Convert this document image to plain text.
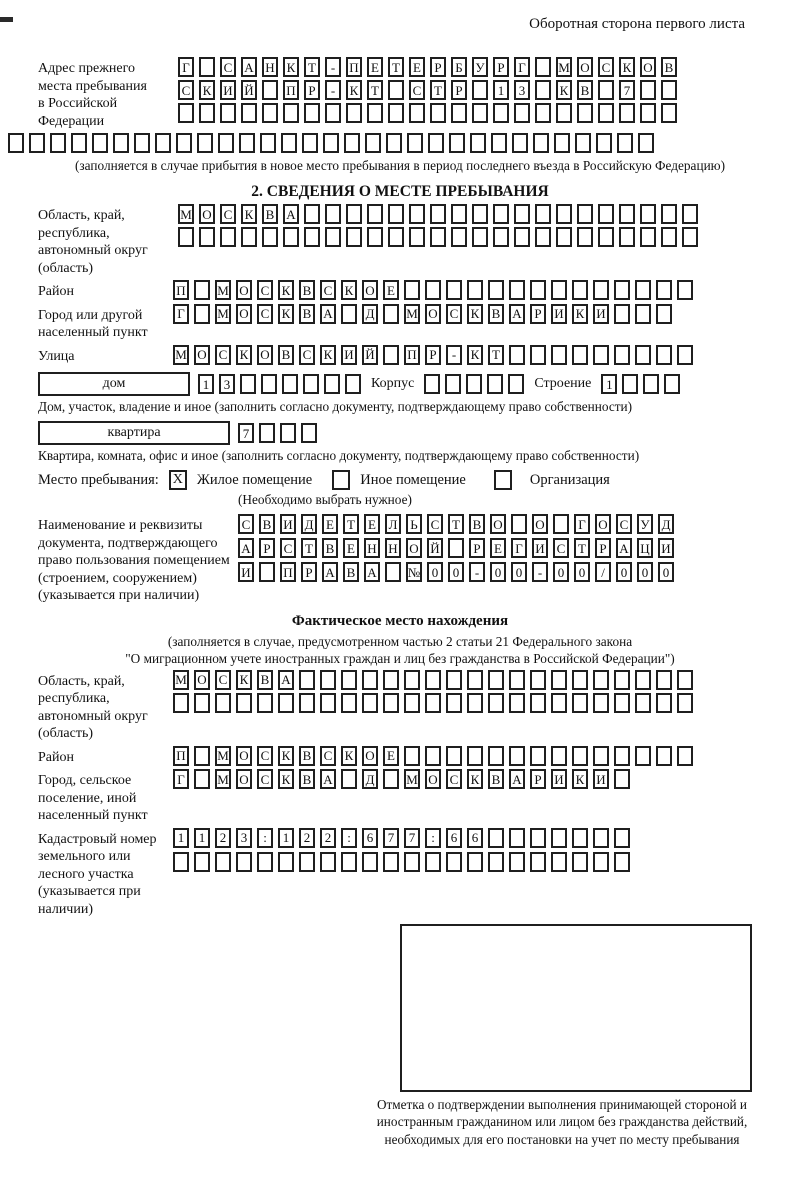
Оборотная сторона первого листа
Адрес прежнего места пребывания в Российской Федерации
Г	С А Н К Т	-	П Е	Т	Е	Р	Б У Р	Г	М О С К О В
С К И Й	П Р	-	К Т	С Т	Р	1	3	К В	7
(заполняется в случае прибытия в новое место пребывания в период последнего въезда в Российскую Федерацию)
2. СВЕДЕНИЯ О МЕСТЕ ПРЕБЫВАНИЯ
Область, край, республика, автономный округ (область)
М О С К В А
Район	П М О С К В С К О Е
Город или другой населенный пункт
Г	М О С К В А	Д М О С К В А Р И К И
Улица	М О С К О В С К И Й	П Р	-	К Т
дом	1	3	Корпус	Строение	1
Дом, участок, владение и иное (заполнить согласно документу, подтверждающему право собственности)
квартира	7
Квартира, комната, офис и иное (заполнить согласно документу, подтверждающему право собственности)
Место пребывания: X Жилое помещение	Иное помещение	Организация
(Необходимо выбрать нужное)
Наименование и реквизиты документа, подтверждающего право пользования помещением (строением, сооружением) (указывается при наличии)
С В И Д Е	Т	Е Л Ь С Т В О	О	Г О С У Д
А Р	С Т В Е Н Н О Й	Р	Е	Г И С Т	Р А Ц И
И	П Р А В А № 0	0	-	0	0	-	0	0	/	0	0	0
Фактическое место нахождения
(заполняется в случае, предусмотренном частью 2 статьи 21 Федерального закона
"О миграционном учете иностранных граждан и лиц без гражданства в Российской Федерации")
Область, край, республика, автономный округ (область)
М О С К В А
Район	П М О С К В С К О Е
Город, сельское поселение, иной населенный пункт
Г	М О С К В А	Д М О С К В А Р И К И
Кадастровый номер земельного или лесного участка (указывается при наличии)
1	1	2	3	:	1	2	2	:	6	7	7	:	6	6
Отметка о подтверждении выполнения принимающей стороной и иностранным гражданином или лицом без гражданства действий, необходимых для его постановки на учет по месту пребывания
